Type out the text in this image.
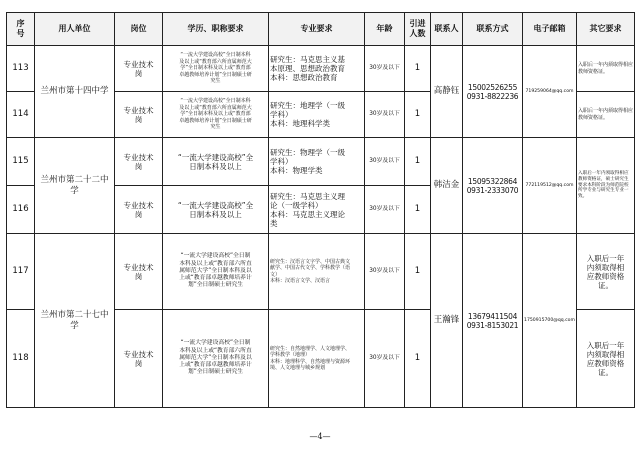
序
号	用人单位	岗位	学历、职称要求	专业要求	年龄	引进
人数	联系人	联系方式	电子邮箱	其它要求
113	兰州市第十四中学	专业技术
岗	“一流大学建设高校”全日制本科
及以上或“教育部六所直属师范大
学”全日制本科及以上或“教育部
卓越教师培养计划”全日制硕士研
究生	研究生：马克思主义基
本原理、思想政治教育
本科：思想政治教育	30岁及以下	1	高静钰	15002526255
0931-8822236	719259064@qq.com	入职后一年内须取得相应教师资格证。
114		专业技术
岗	“一流大学建设高校”全日制本科
及以上或“教育部六所直属师范大
学”全日制本科及以上或“教育部
卓越教师培养计划”全日制硕士研
究生	研究生：地理学（一级
学科）
本科：地理科学类	30岁及以下	1				入职后一年内须取得相应教师资格证。
115	兰州市第二十二中
学	专业技术
岗	“一流大学建设高校”全
日制本科及以上	研究生：物理学（一级
学科）
本科：物理学类	30岁及以下	1	韩洁金	15095322864
0931-2333070	772119512@qq.com	入职后一年内须取得相应教师资格证，硕士研究生要求本科阶段为师范院校所学专业与研究生专业一致。
116		专业技术
岗	“一流大学建设高校”全
日制本科及以上	研究生：马克思主义理
论（一级学科）
本科：马克思主义理论
类	30岁及以下	1				
117	兰州市第二十七中
学	专业技术
岗	“一流大学建设高校”全日制
本科及以上或“教育部六所直
属师范大学”全日制本科及以
上或“教育部卓越教师培养计
划”全日制硕士研究生	研究生：汉语言文字学、中国古典文
献学、中国古代文学、学科教学（语
文）
本科：汉语言文学、汉语言	30岁及以下	1	王瀚锋	13679411504
0931-8153021	1750915700@qq.com	入职后一年
内须取得相
应教师资格
证。
118		专业技术
岗	“一流大学建设高校”全日制
本科及以上或“教育部六所直
属师范大学”全日制本科及以
上或“教育部卓越教师培养计
划”全日制硕士研究生	研究生：自然地理学、人文地理学、
学科教学（地理）
本科：地理科学、自然地理与资源环
境、人文地理与城乡规划	30岁及以下	1				入职后一年
内须取得相
应教师资格
证。
—4—
